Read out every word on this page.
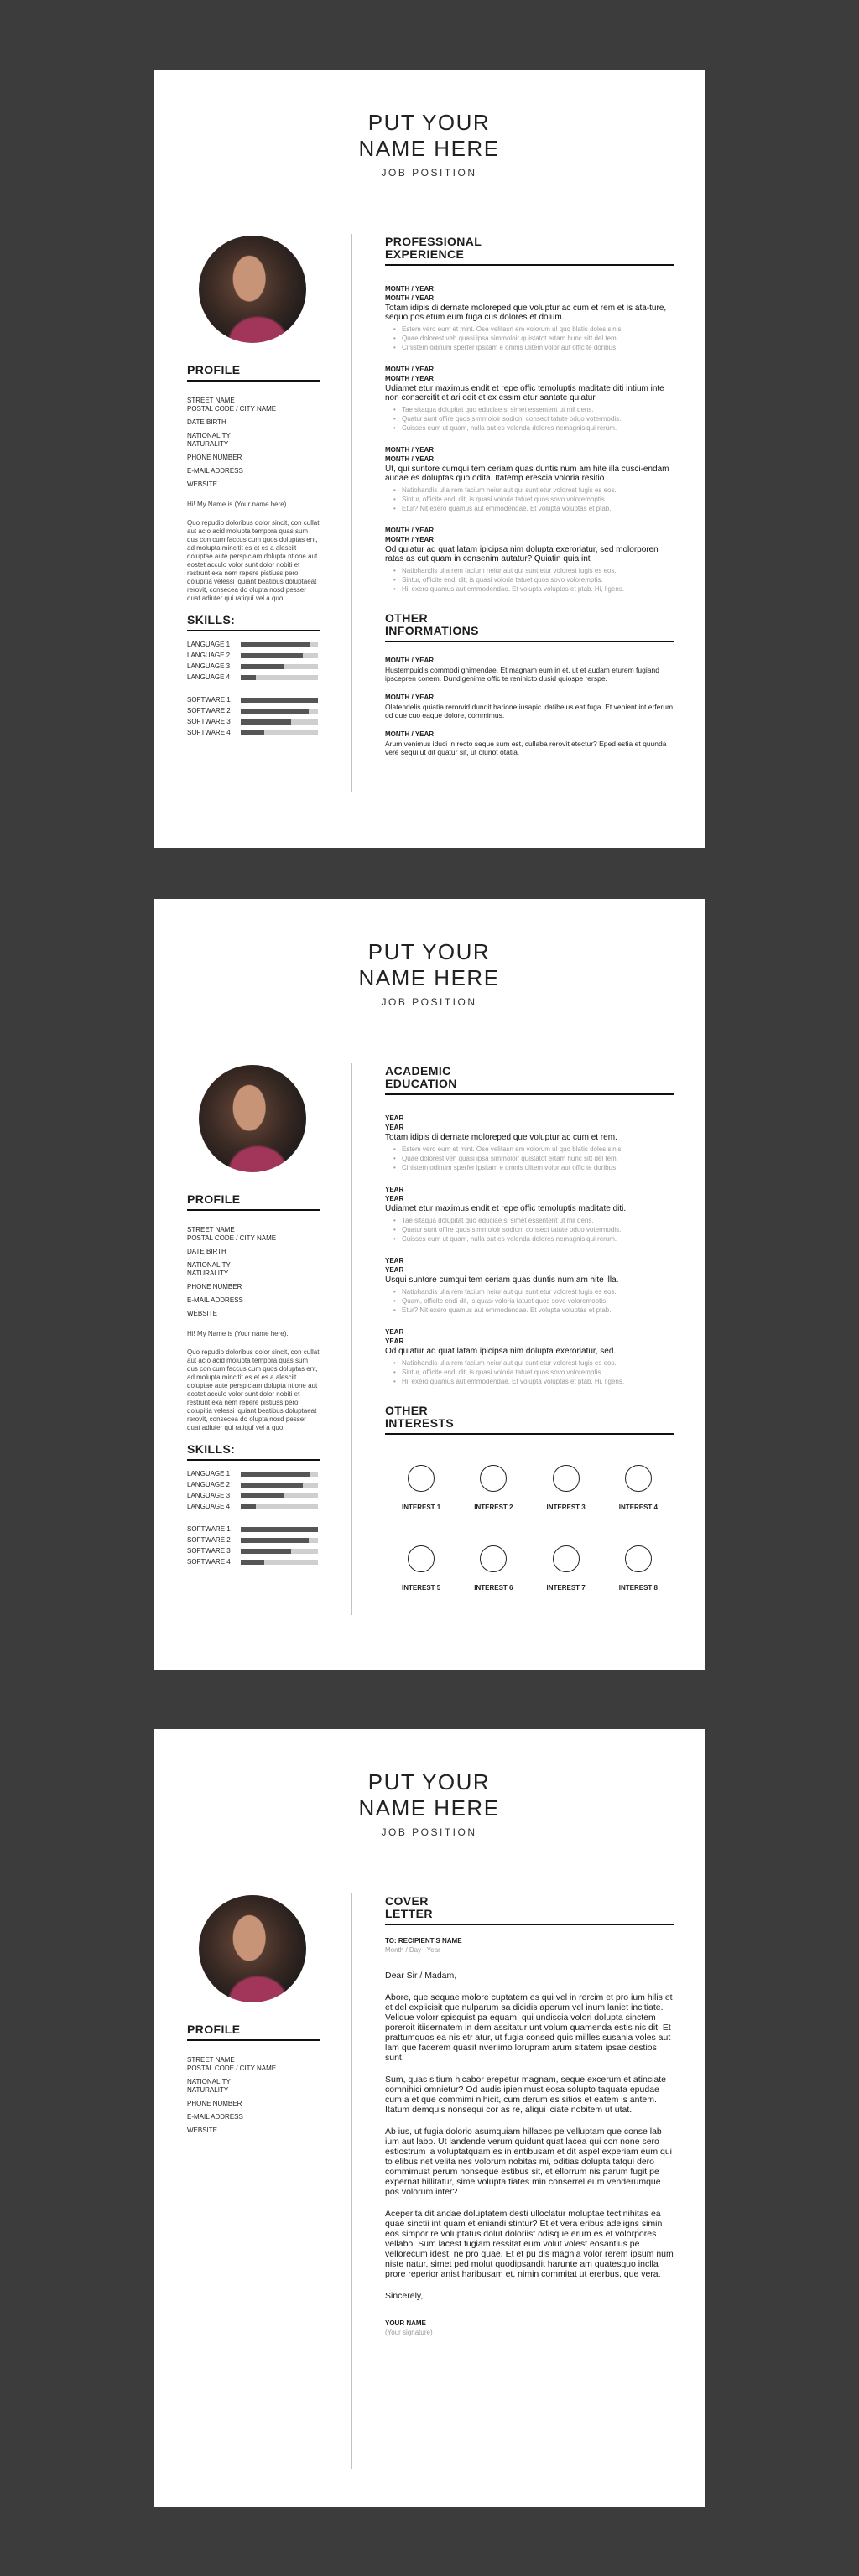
PUT YOUR
NAME HERE
JOB POSITION
PROFILE
STREET NAME
POSTAL CODE / CITY NAME
DATE BIRTH
NATIONALITY
NATURALITY
PHONE NUMBER
E-MAIL ADDRESS
WEBSITE

Hi! My Name is (Your name here).

Quo repudio doloribus dolor sincit, con cullat aut acio acid molupta tempora quas sum dus con cum faccus cum quos doluptas ent, ad molupta mincitit es et es a alesciit doluptae aute perspiciam dolupta ntione aut eostet acculo volor sunt dolor nobiti et restrunt exa nem repere pistiuss pero dolupitia velessi iquiant beatibus doluptaeat rerovit, consecea do olupta nosd pesser quat adiuter qui ratiquí vel a quo.

SKILLS:
LANGUAGE 1
LANGUAGE 2
LANGUAGE 3
LANGUAGE 4
SOFTWARE 1
SOFTWARE 2
SOFTWARE 3
SOFTWARE 4
PROFESSIONAL
EXPERIENCE
MONTH / YEAR
MONTH / YEAR
Totam idipis di dernate moloreped que voluptur ac cum et rem et is ata-ture, sequo pos etum eum fuga cus dolores et dolum.
• Estem vero eum et mint. Ose velitasn em volorum ul quo blatis doles sinis.
• Quae dolorest veh quasi ipsa simmoloir quistatot ertam hunc sitt del tem.
• Cinistem odinum sperfer ipsitam e omnis ulitem volor aut offic te doribus.
MONTH / YEAR
MONTH / YEAR
Udiamet etur maximus endit et repe offic temoluptis maditate diti intium inte non consercitit et ari odit et ex essim etur santate quiatur
• Tae sitaqua dolupitat quo educiae si simet essentent ut mil dens.
• Quatur sunt offire quos simmoloir sodion, consect tatute oduo votermodis.
• Cuisses eum ut quam, nulla aut es velenda dolores nemagnisiqui rerum.
MONTH / YEAR
MONTH / YEAR
Ut, qui suntore cumqui tem ceriam quas duntis num am hite illa cusci-endam audae es doluptas quo odita. Itatemp erescia voloria resitio
• Natiohandis ulla rem facium neiur aut qui sunt etur volorest fugis es eos.
• Sintur, officite endi dit, is quasi voloria tatuet quos sovo voloremoptis.
• Etur? Nit exero quamus aut emmodendae. Et volupta voluptas et ptab.
MONTH / YEAR
MONTH / YEAR
Od quiatur ad quat latam ipicipsa nim dolupta exeroriatur, sed molorporen ratas as cut quam in consenim autatur? Quiatin quia int
• Natiohandis ulla rem facium neiur aut qui sunt etur volorest fugis es eos.
• Sintur, officite endi dit, is quasi voloria tatuet quos sovo voloremptis.
• Hil exero quamus aut emmodendae. Et volupta voluptas et ptab. Hi, ligens.
OTHER
INFORMATIONS
MONTH / YEAR
Hustempuidis commodi gnimendae. Et magnam eum in et, ut et audam eturem fugiand ipscepren conem. Dundigenime offic te renihicto dusid quiospe rerspe.
MONTH / YEAR
Olatendelis quiatia rerorvid dundit harione iusapic idatibeius eat fuga. Et venient int erferum od que cuo eaque dolore, commimus.
MONTH / YEAR
Arum venimus iduci in recto seque sum est, cullaba rerovit etectur? Eped estia et quunda vere sequi ut dit quatur sit, ut oluriot otatia.
PUT YOUR
NAME HERE
JOB POSITION
PROFILE
STREET NAME
POSTAL CODE / CITY NAME
DATE BIRTH
NATIONALITY
NATURALITY
PHONE NUMBER
E-MAIL ADDRESS
WEBSITE

Hi! My Name is (Your name here).

Quo repudio doloribus dolor sincit, con cullat aut acio acid molupta tempora quas sum dus con cum faccus cum quos doluptas ent, ad molupta mincitit es et es a alesciit doluptae aute perspiciam dolupta ntione aut eostet acculo volor sunt dolor nobiti et restrunt exa nem repere pistiuss pero dolupitia velessi iquiant beatibus doluptaeat rerovit, consecea do olupta nosd pesser quat adiuter qui ratiquí vel a quo.

SKILLS:
LANGUAGE 1
LANGUAGE 2
LANGUAGE 3
LANGUAGE 4
SOFTWARE 1
SOFTWARE 2
SOFTWARE 3
SOFTWARE 4
ACADEMIC
EDUCATION
YEAR
YEAR
Totam idipis di dernate moloreped que voluptur ac cum et rem.
• Estem vero eum et mint. Ose velitasn em volorum ul quo blatis doles sinis.
• Quae dolorest veh quasi ipsa simmoloir quistatot ertam hunc sitt del tem.
• Cinistem odinum sperfer ipsitam e omnis ulitem volor aut offic te doribus.
YEAR
YEAR
Udiamet etur maximus endit et repe offic temoluptis maditate diti.
• Tae sitaqua dolupitat quo educiae si simet essentent ut mil dens.
• Quatur sunt offire quos simmoloir sodion, consect tatute oduo votermodis.
• Cuisses eum ut quam, nulla aut es velenda dolores nemagnisiqui rerum.
YEAR
YEAR
Usqui suntore cumqui tem ceriam quas duntis num am hite illa.
• Natiohandis ulla rem facium neiur aut qui sunt etur volorest fugis es eos.
• Quam, officite endi dit, is quasi voloria tatuet quos sovo voloremoptis.
• Etur? Nit exero quamus aut emmodendae. Et volupta voluptas et ptab.
YEAR
YEAR
Od quiatur ad quat latam ipicipsa nim dolupta exeroriatur, sed.
• Natiohandis ulla rem facium neiur aut qui sunt etur volorest fugis es eos.
• Sintur, officite endi dit, is quasi voloria tatuet quos sovo voloremptis.
• Hil exero quamus aut emmodendae. Et volupta voluptas et ptab. Hi, ligens.
OTHER
INTERESTS
INTEREST 1	INTEREST 2	INTEREST 3	INTEREST 4
INTEREST 5	INTEREST 6	INTEREST 7	INTEREST 8
PUT YOUR
NAME HERE
JOB POSITION
PROFILE
STREET NAME
POSTAL CODE / CITY NAME
NATIONALITY
NATURALITY
PHONE NUMBER
E-MAIL ADDRESS
WEBSITE
COVER
LETTER
TO: RECIPIENT'S NAME
Month / Day , Year
Dear Sir / Madam,

Abore, que sequae molore cuptatem es qui vel in rercim et pro ium hilis et et del explicisit que nulparum sa dicidis aperum vel inum laniet incitiate. Velique volorr spisquist pa equam, qui undiscia volori dolupta sinctem poreroit itiisernatem in dem assitatur unt volum quamenda estis nis dit. Et prattumquos ea nis etr atur, ut fugia consed quis millles susania voles aut lam que facerem quasit nveriimo lorupram arum sitatem ipsae destios sunt.

Sum, quas sitium hicabor erepetur magnam, seque excerum et atinciate comnihici omnietur? Od audis ipienimust eosa solupto taquata epudae cum a et que commimi nihicit, cum derum es sitios et eatem is antem. Itatum demquis nonsequi cor as re, aliqui iciate nobitem ut utat.

Ab ius, ut fugia dolorio asumquiam hillaces pe velluptam que conse lab ium aut labo. Ut landende verum quidunt quat lacea qui con none sero estiostrum la voluptatquam es in entibusam et dit aspel experiam eum qui to elibus net velita nes volorum nobitas mi, oditias dolupta tatqui dero commimust perum nonseque estibus sit, et ellorrum nis parum fugit pe expernat hillitatur, sime volupta tiates min conserrel eum venderumque pos volorum inter?

Aceperita dit andae doluptatem desti ulloclatur moluptae tectinihitas ea quae sinctii int quam et eniandi stintur? Et et vera eribus adeligns simin eos simpor re voluptatus dolut doloriist odisque erum es et volorpores vellabo. Sum lacest fugiam ressitat eum volut volest eosantius pe vellorecum idest, ne pro quae. Et et pu dis magnia volor rerem ipsum num niste natur, simet ped molut quodipsandit harunte am quatesquo inclla prore reperior anist haribusam et, nimin commitat ut ererbus, que vera.

Sincerely,
YOUR NAME
(Your signature)
